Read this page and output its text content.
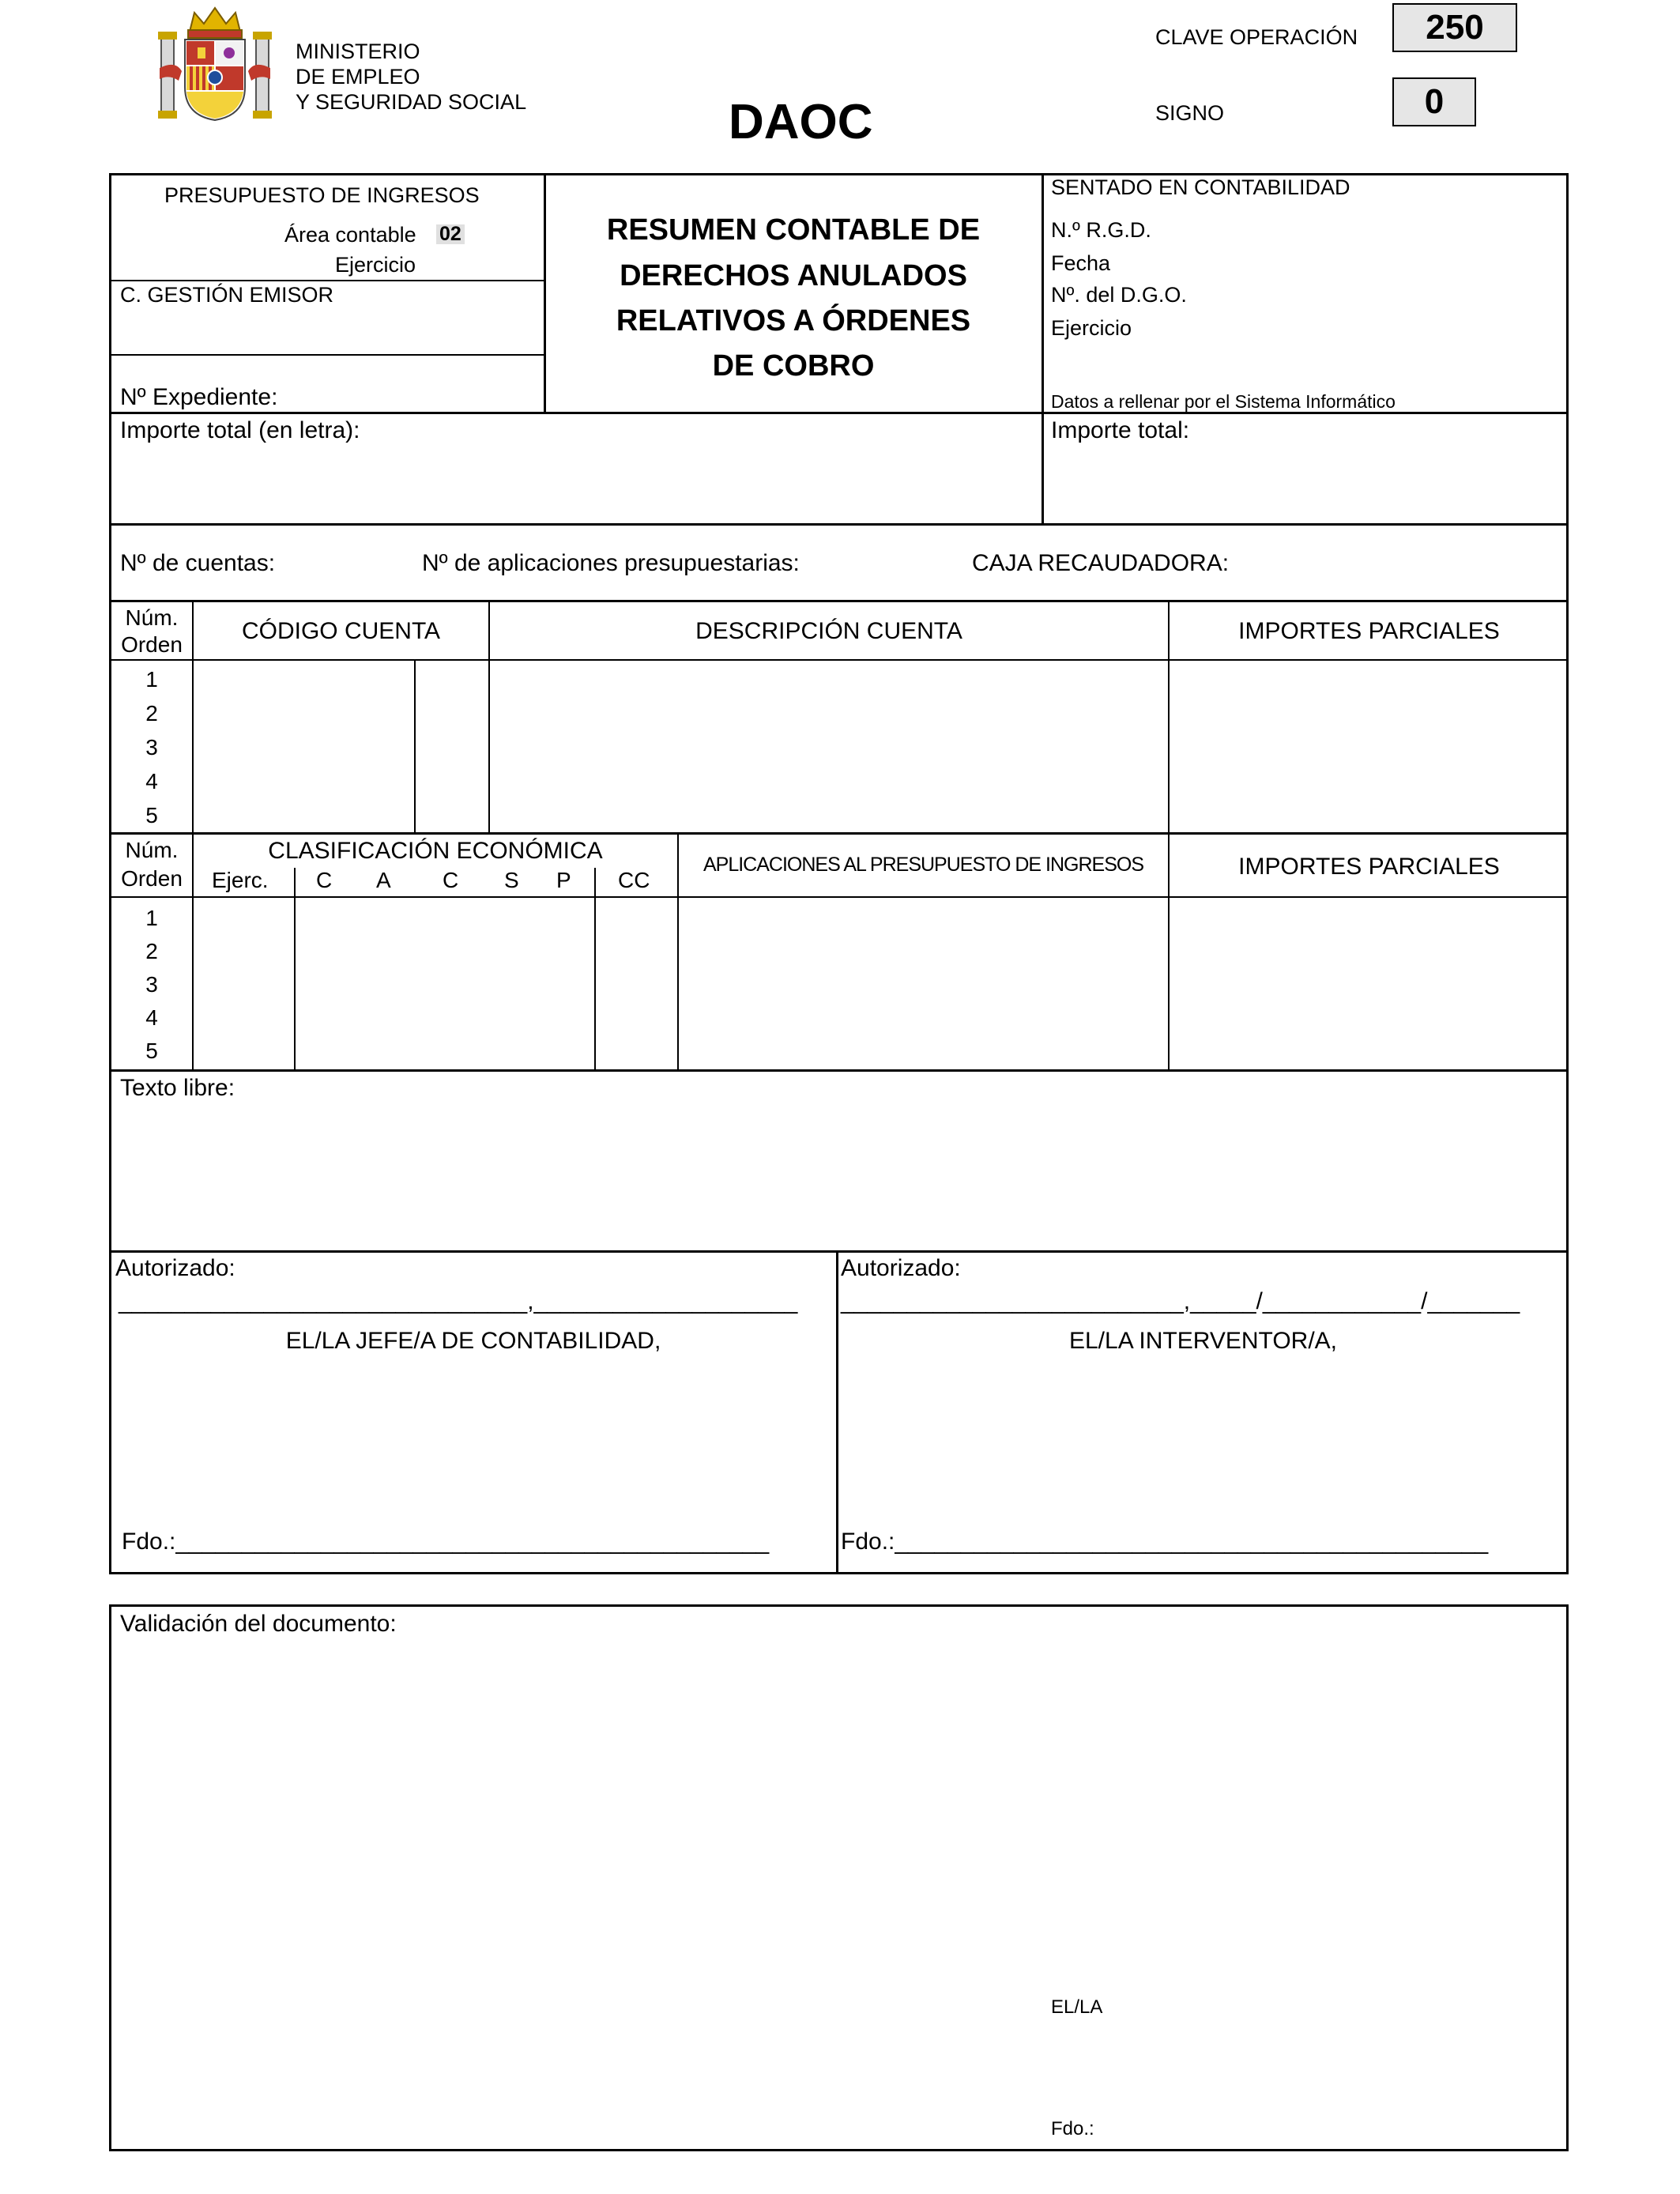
MINISTERIO
DE EMPLEO
Y SEGURIDAD SOCIAL	DAOC
CLAVE OPERACIÓN	250
SIGNO	0
PRESUPUESTO DE INGRESOS
Área contable 02
Ejercicio
C. GESTIÓN EMISOR
Nº Expediente:
RESUMEN CONTABLE DE
DERECHOS ANULADOS
RELATIVOS A ÓRDENES
DE COBRO
SENTADO EN CONTABILIDAD
N.º R.G.D.
Fecha
Nº. del D.G.O.
Ejercicio
Datos a rellenar por el Sistema Informático
Importe total (en letra):	Importe total:
Nº de cuentas:	Nº de aplicaciones presupuestarias:	CAJA RECAUDADORA:
Núm.
Orden
CÓDIGO CUENTA	DESCRIPCIÓN CUENTA	IMPORTES PARCIALES
1
2
3
4
5
Núm.
Orden
CLASIFICACIÓN ECONÓMICA
Ejerc. C A C S P CC
APLICACIONES AL PRESUPUESTO DE INGRESOS	IMPORTES PARCIALES
1
2
3
4
5
Texto libre:
Autorizado:
_______________________________,____________________
EL/LA JEFE/A DE CONTABILIDAD,
Fdo.:_____________________________________________
Autorizado:
__________________________,_____/____________/_______
EL/LA INTERVENTOR/A,
Fdo.:_____________________________________________
Validación del documento:
EL/LA
Fdo.:
